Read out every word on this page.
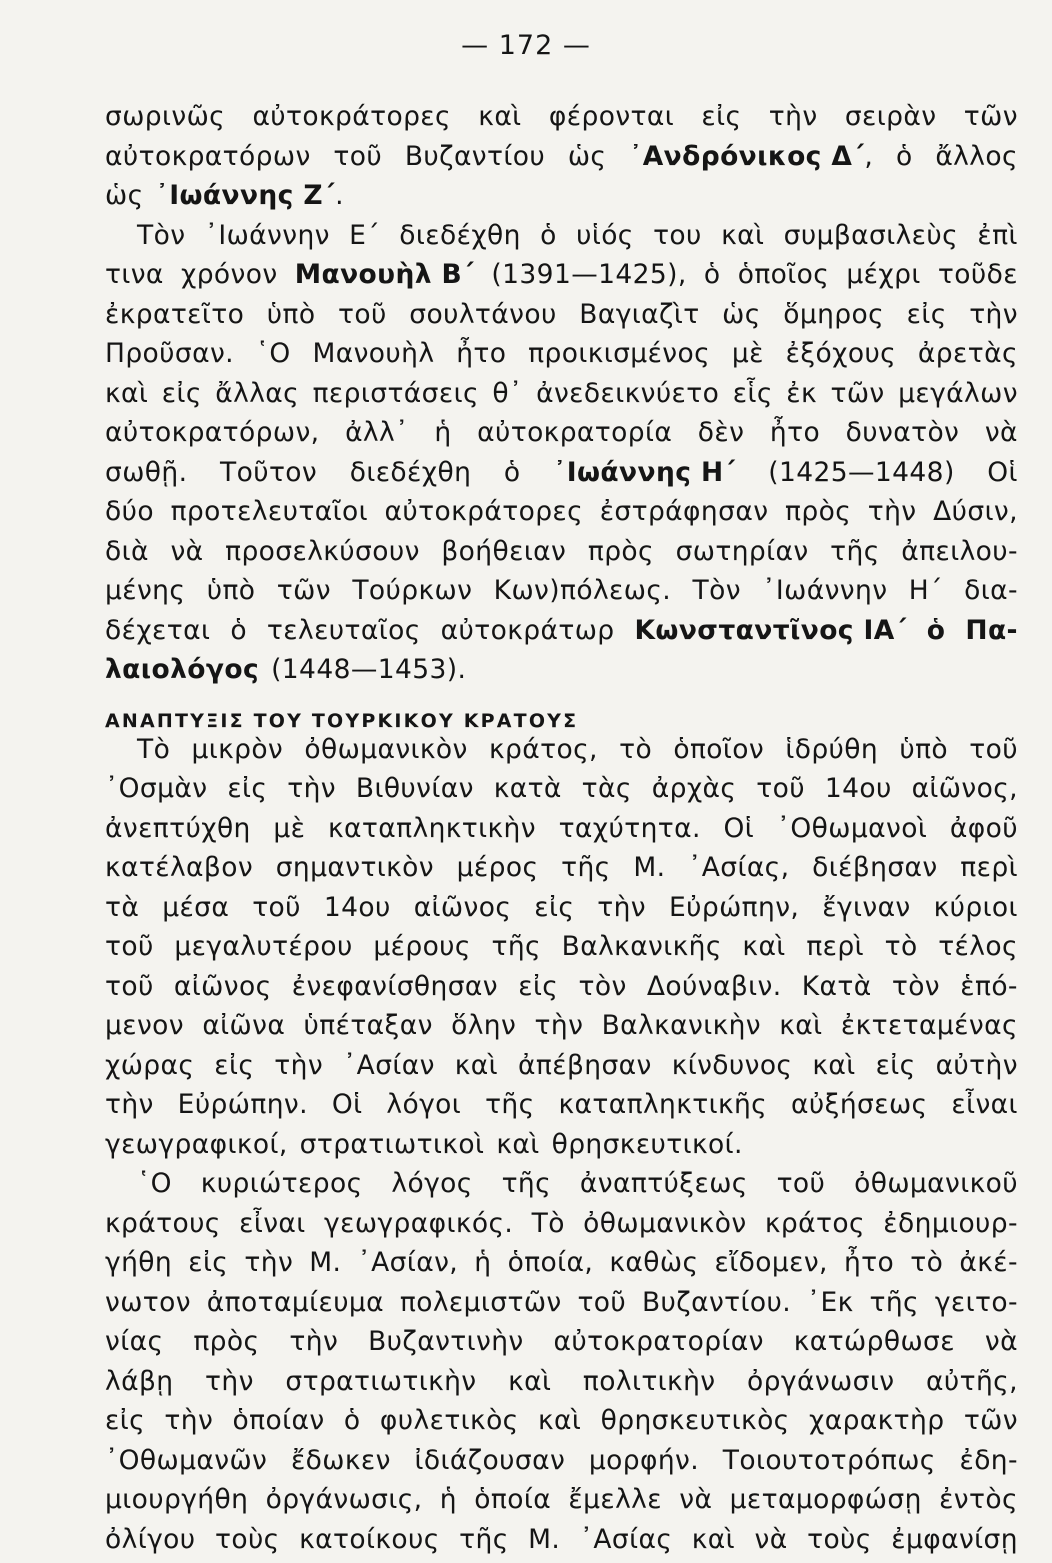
— 172 —
σωρινῶς αὐτοκράτορες καὶ φέρονται εἰς τὴν σειρὰν τῶν
αὐτοκρατόρων τοῦ Βυζαντίου ὡς ᾿Ανδρόνικος Δ΄, ὁ ἄλλος
ὡς ᾿Ιωάννης Ζ΄.
Τὸν ᾿Ιωάννην Ε΄ διεδέχθη ὁ υἱός του καὶ συμβασιλεὺς ἐπὶ
τινα χρόνον Μανουὴλ Β΄ (1391—1425), ὁ ὁποῖος μέχρι τοῦδε
ἐκρατεῖτο ὑπὸ τοῦ σουλτάνου Βαγιαζὶτ ὡς ὅμηρος εἰς τὴν
Προῦσαν. ῾Ο Μανουὴλ ἦτο προικισμένος μὲ ἐξόχους ἀρετὰς
καὶ εἰς ἄλλας περιστάσεις θ᾿ ἀνεδεικνύετο εἷς ἐκ τῶν μεγάλων
αὐτοκρατόρων, ἀλλ᾿ ἡ αὐτοκρατορία δὲν ἦτο δυνατὸν νὰ
σωθῇ. Τοῦτον διεδέχθη ὁ ᾿Ιωάννης Η΄ (1425—1448) Οἱ
δύο προτελευταῖοι αὐτοκράτορες ἐστράφησαν πρὸς τὴν Δύσιν,
διὰ νὰ προσελκύσουν βοήθειαν πρὸς σωτηρίαν τῆς ἀπειλου-
μένης ὑπὸ τῶν Τούρκων Κων)πόλεως. Τὸν ᾿Ιωάννην Η΄ δια-
δέχεται ὁ τελευταῖος αὐτοκράτωρ Κωνσταντῖνος ΙΑ΄ ὁ Πα-
λαιολόγος (1448—1453).
ΑΝΑΠΤΥΞΙΣ ΤΟΥ ΤΟΥΡΚΙΚΟΥ ΚΡΑΤΟΥΣ
Τὸ μικρὸν ὀθωμανικὸν κράτος, τὸ ὁποῖον ἱδρύθη ὑπὸ τοῦ
᾿Οσμὰν εἰς τὴν Βιθυνίαν κατὰ τὰς ἀρχὰς τοῦ 14ου αἰῶνος,
ἀνεπτύχθη μὲ καταπληκτικὴν ταχύτητα. Οἱ ᾿Οθωμανοὶ ἀφοῦ
κατέλαβον σημαντικὸν μέρος τῆς Μ. ᾿Ασίας, διέβησαν περὶ
τὰ μέσα τοῦ 14ου αἰῶνος εἰς τὴν Εὐρώπην, ἔγιναν κύριοι
τοῦ μεγαλυτέρου μέρους τῆς Βαλκανικῆς καὶ περὶ τὸ τέλος
τοῦ αἰῶνος ἐνεφανίσθησαν εἰς τὸν Δούναβιν. Κατὰ τὸν ἑπό-
μενον αἰῶνα ὑπέταξαν ὅλην τὴν Βαλκανικὴν καὶ ἐκτεταμένας
χώρας εἰς τὴν ᾿Ασίαν καὶ ἀπέβησαν κίνδυνος καὶ εἰς αὐτὴν
τὴν Εὐρώπην. Οἱ λόγοι τῆς καταπληκτικῆς αὐξήσεως εἶναι
γεωγραφικοί, στρατιωτικοὶ καὶ θρησκευτικοί.
῾Ο κυριώτερος λόγος τῆς ἀναπτύξεως τοῦ ὀθωμανικοῦ
κράτους εἶναι γεωγραφικός. Τὸ ὀθωμανικὸν κράτος ἐδημιουρ-
γήθη εἰς τὴν Μ. ᾿Ασίαν, ἡ ὁποία, καθὼς εἴδομεν, ἦτο τὸ ἀκέ-
νωτον ἀποταμίευμα πολεμιστῶν τοῦ Βυζαντίου. ᾿Εκ τῆς γειτο-
νίας πρὸς τὴν Βυζαντινὴν αὐτοκρατορίαν κατώρθωσε νὰ
λάβῃ τὴν στρατιωτικὴν καὶ πολιτικὴν ὀργάνωσιν αὐτῆς,
εἰς τὴν ὁποίαν ὁ φυλετικὸς καὶ θρησκευτικὸς χαρακτὴρ τῶν
᾿Οθωμανῶν ἔδωκεν ἰδιάζουσαν μορφήν. Τοιουτοτρόπως ἐδη-
μιουργήθη ὀργάνωσις, ἡ ὁποία ἔμελλε νὰ μεταμορφώσῃ ἐντὸς
ὀλίγου τοὺς κατοίκους τῆς Μ. ᾿Ασίας καὶ νὰ τοὺς ἐμφανίσῃ
